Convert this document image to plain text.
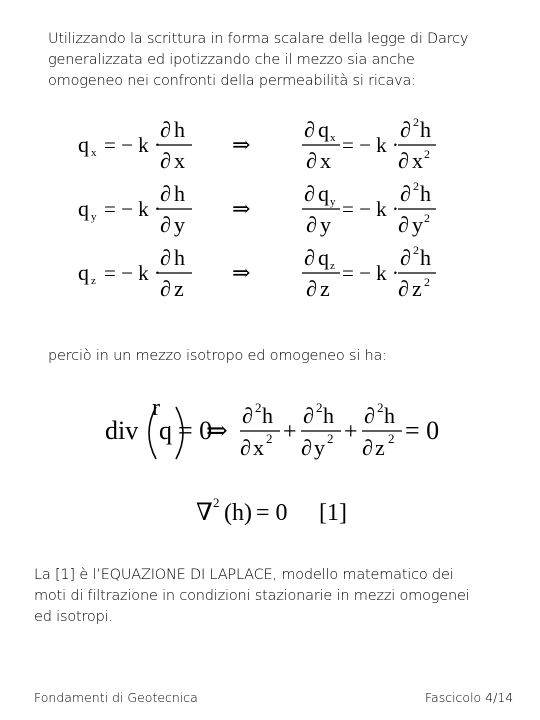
Utilizzando la scrittura in forma scalare della legge di Darcy
generalizzata ed ipotizzando che il mezzo sia anche
omogeneo nei confronti della permeabilità si ricava:
q x = − k ·
∂ h
∂ x
⇒
∂ q x
∂ x
= − k ·
∂ 2 h
∂ x 2
q y = − k ·
∂ h
∂ y
⇒
∂ q y
∂ y
= − k ·
∂ 2 h
∂ y 2
q z = − k ·
∂ h
∂ z
⇒
∂ q z
∂ z
= − k ·
∂ 2 h
∂ z 2
perciò in un mezzo isotropo ed omogeneo si ha:
div
r
q = 0
⇒
∂ 2 h
∂ x 2 +
∂ 2 h
∂ y 2 +
∂ 2 h
∂ z 2 = 0
∇ 2 (h) = 0 [1]
La [1] è l’EQUAZIONE DI LAPLACE, modello matematico dei
moti di filtrazione in condizioni stazionarie in mezzi omogenei
ed isotropi.
Fondamenti di Geotecnica	Fascicolo 4/14
